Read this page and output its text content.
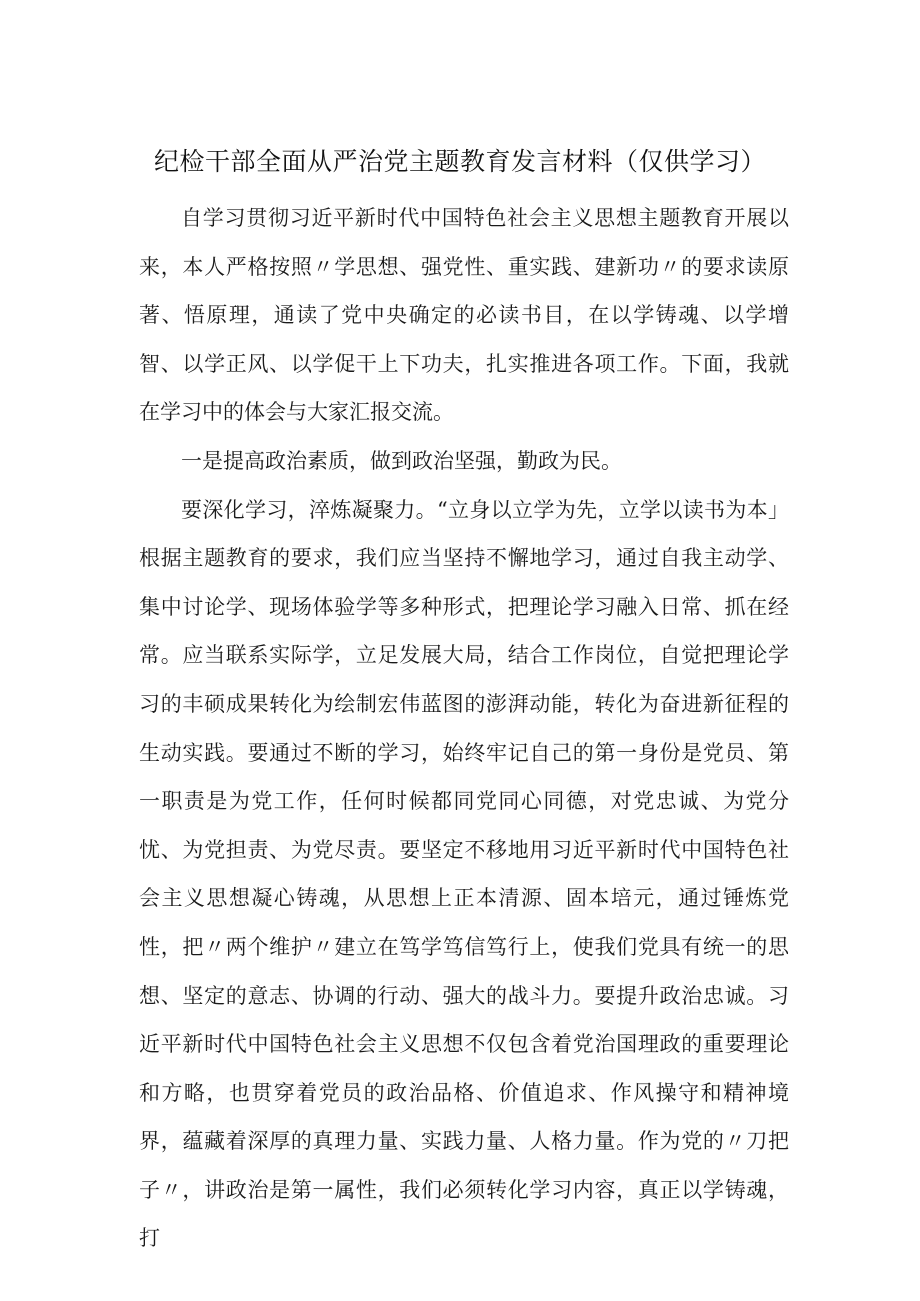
纪检干部全面从严治党主题教育发言材料（仅供学习）

自学习贯彻习近平新时代中国特色社会主义思想主题教育开展以来，本人严格按照〃学思想、强党性、重实践、建新功〃的要求读原著、悟原理，通读了党中央确定的必读书目，在以学铸魂、以学增智、以学正风、以学促干上下功夫，扎实推进各项工作。下面，我就在学习中的体会与大家汇报交流。

一是提高政治素质，做到政治坚强，勤政为民。

要深化学习，淬炼凝聚力。“立身以立学为先，立学以读书为本」根据主题教育的要求，我们应当坚持不懈地学习，通过自我主动学、集中讨论学、现场体验学等多种形式，把理论学习融入日常、抓在经常。应当联系实际学，立足发展大局，结合工作岗位，自觉把理论学习的丰硕成果转化为绘制宏伟蓝图的澎湃动能，转化为奋进新征程的生动实践。要通过不断的学习，始终牢记自己的第一身份是党员、第一职责是为党工作，任何时候都同党同心同德，对党忠诚、为党分忧、为党担责、为党尽责。要坚定不移地用习近平新时代中国特色社会主义思想凝心铸魂，从思想上正本清源、固本培元，通过锤炼党性，把〃两个维护〃建立在笃学笃信笃行上，使我们党具有统一的思想、坚定的意志、协调的行动、强大的战斗力。要提升政治忠诚。习近平新时代中国特色社会主义思想不仅包含着党治国理政的重要理论和方略，也贯穿着党员的政治品格、价值追求、作风操守和精神境界，蕴藏着深厚的真理力量、实践力量、人格力量。作为党的〃刀把子〃，讲政治是第一属性，我们必须转化学习内容，真正以学铸魂，打
